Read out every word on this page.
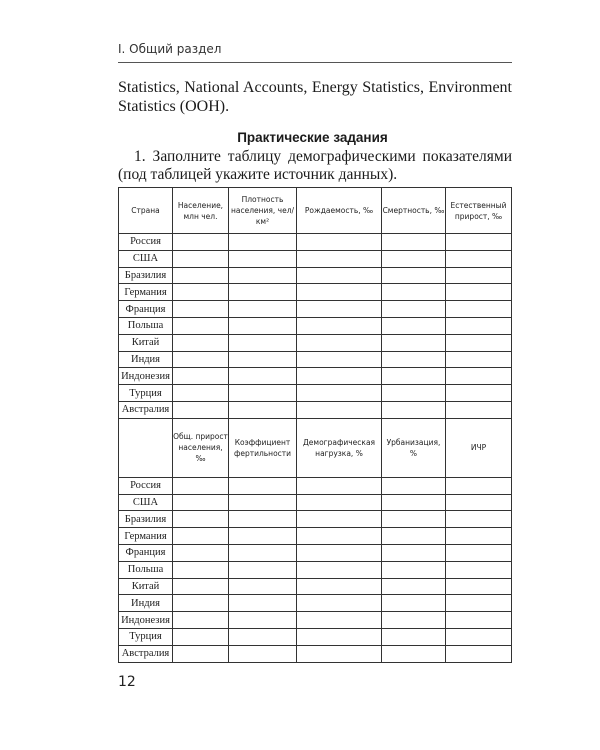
I. Общий раздел
Statistics, National Accounts, Energy Statistics, Environment
Statistics (OOH).
Практические задания
1. Заполните таблицу демографическими показателями
(под таблицей укажите источник данных).
Страна	Население, млн чел.	Плотность населения, чел/км²	Рождаемость, ‰	Смертность, ‰	Естественный прирост, ‰
Россия					
США					
Бразилия					
Германия					
Франция					
Польша					
Китай					
Индия					
Индонезия					
Турция					
Австралия					
	Общ. прирост населения, ‰	Коэффициент фертильности	Демографическая нагрузка, %	Урбанизация, %	ИЧР
Россия					
США					
Бразилия					
Германия					
Франция					
Польша					
Китай					
Индия					
Индонезия					
Турция					
Австралия					
12
